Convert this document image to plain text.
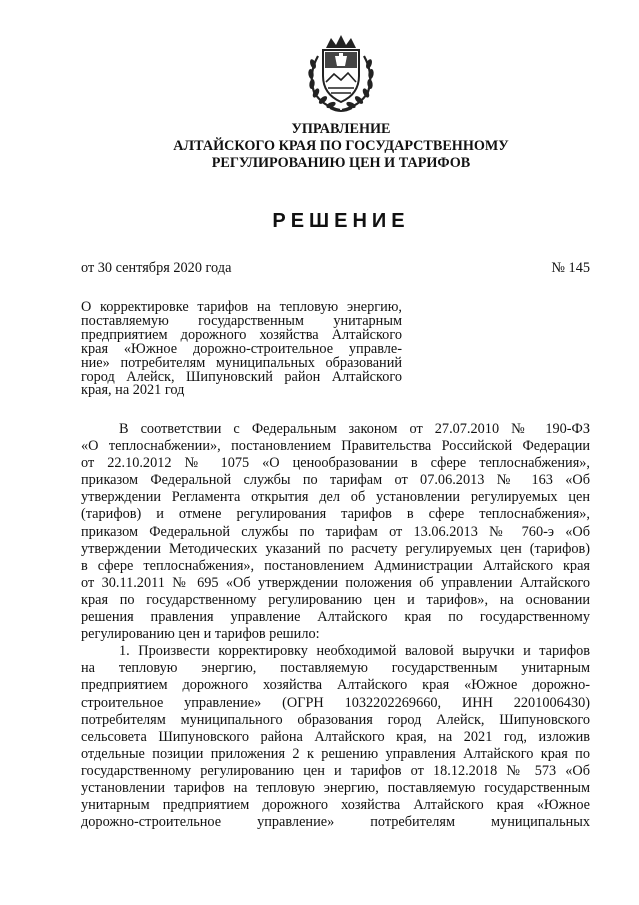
УПРАВЛЕНИЕ
АЛТАЙСКОГО КРАЯ ПО ГОСУДАРСТВЕННОМУ
РЕГУЛИРОВАНИЮ ЦЕН И ТАРИФОВ
РЕШЕНИЕ
от 30 сентября 2020 года	№ 145
О корректировке тарифов на тепловую энергию,
поставляемую государственным унитарным
предприятием дорожного хозяйства Алтайского
края «Южное дорожно-строительное управле-
ние» потребителям муниципальных образований
город Алейск, Шипуновский район Алтайского
края, на 2021 год
В соответствии с Федеральным законом от 27.07.2010 № 190-ФЗ
«О теплоснабжении», постановлением Правительства Российской Федерации
от 22.10.2012 № 1075 «О ценообразовании в сфере теплоснабжения»,
приказом Федеральной службы по тарифам от 07.06.2013 № 163 «Об
утверждении Регламента открытия дел об установлении регулируемых цен
(тарифов) и отмене регулирования тарифов в сфере теплоснабжения»,
приказом Федеральной службы по тарифам от 13.06.2013 № 760-э «Об
утверждении Методических указаний по расчету регулируемых цен (тарифов)
в сфере теплоснабжения», постановлением Администрации Алтайского края
от 30.11.2011 № 695 «Об утверждении положения об управлении Алтайского
края по государственному регулированию цен и тарифов», на основании
решения правления управление Алтайского края по государственному
регулированию цен и тарифов решило:
1. Произвести корректировку необходимой валовой выручки и тарифов
на тепловую энергию, поставляемую государственным унитарным
предприятием дорожного хозяйства Алтайского края «Южное дорожно-
строительное управление» (ОГРН 1032202269660, ИНН 2201006430)
потребителям муниципального образования город Алейск, Шипуновского
сельсовета Шипуновского района Алтайского края, на 2021 год, изложив
отдельные позиции приложения 2 к решению управления Алтайского края по
государственному регулированию цен и тарифов от 18.12.2018 № 573 «Об
установлении тарифов на тепловую энергию, поставляемую государственным
унитарным предприятием дорожного хозяйства Алтайского края «Южное
дорожно-строительное управление» потребителям муниципальных
